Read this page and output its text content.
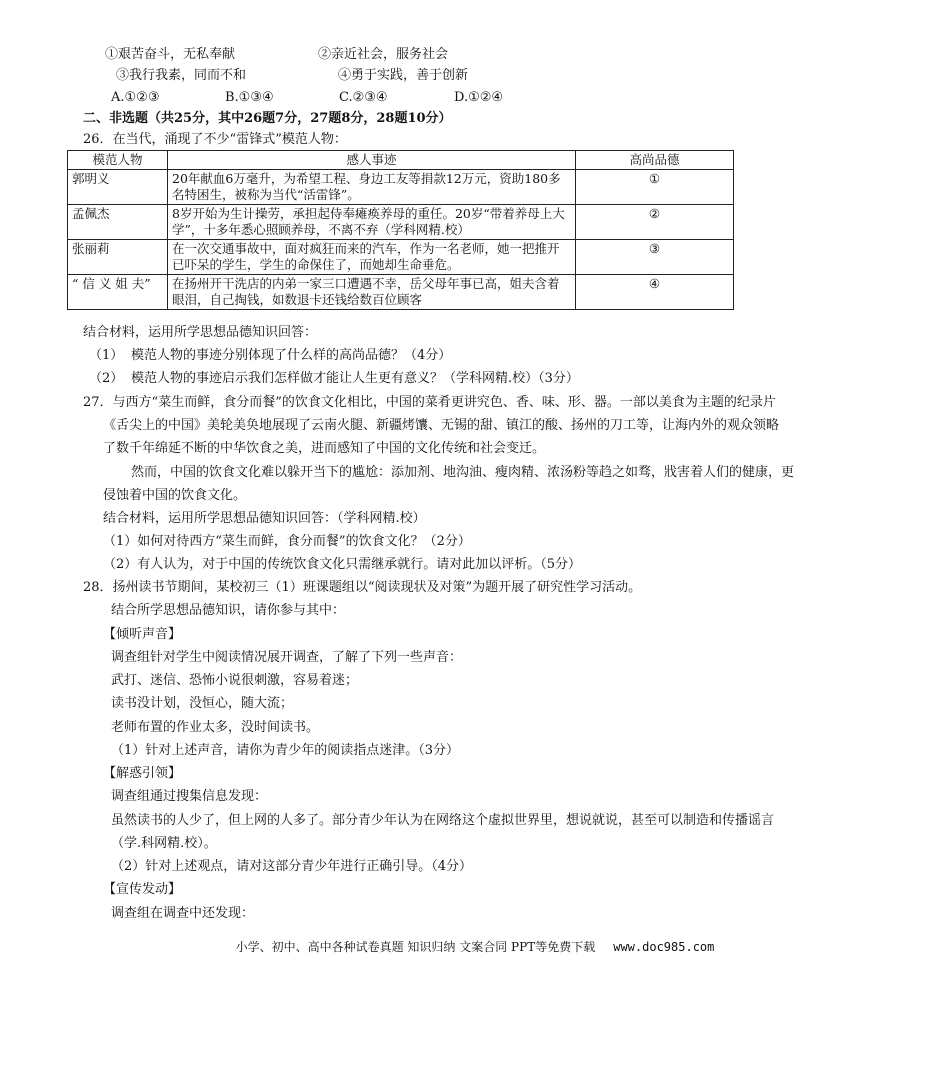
①艰苦奋斗，无私奉献	②亲近社会，服务社会
③我行我素，同而不和	④勇于实践，善于创新
A.①②③	B.①③④	C.②③④	D.①②④
二、非选题（共25分，其中26题7分，27题8分，28题10分）
26．在当代，涌现了不少“雷锋式”模范人物：
模范人物	感人事迹	高尚品德
郭明义	20年献血6万毫升，为希望工程、身边工友等捐款12万元，资助180多名特困生，被称为当代“活雷锋”。	①
孟佩杰	8岁开始为生计操劳，承担起侍奉瘫痪养母的重任。20岁“带着养母上大学”，十多年悉心照顾养母，不离不弃（学科网精.校）	②
张丽莉	在一次交通事故中，面对疯狂而来的汽车，作为一名老师，她一把推开已吓呆的学生，学生的命保住了，而她却生命垂危。	③
“ 信 义 姐 夫”	在扬州开干洗店的内弟一家三口遭遇不幸，岳父母年事已高，姐夫含着眼泪，自己掏钱，如数退卡还钱给数百位顾客	④
结合材料，运用所学思想品德知识回答：
（1） 模范人物的事迹分别体现了什么样的高尚品德？（4分）
（2） 模范人物的事迹启示我们怎样做才能让人生更有意义？（学科网精.校）（3分）
27．与西方“菜生而鲜，食分而餐”的饮食文化相比，中国的菜肴更讲究色、香、味、形、器。一部以美食为主题的纪录片
《舌尖上的中国》美轮美奂地展现了云南火腿、新疆烤馕、无锡的甜、镇江的酸、扬州的刀工等，让海内外的观众领略
了数千年绵延不断的中华饮食之美，进而感知了中国的文化传统和社会变迁。
然而，中国的饮食文化难以躲开当下的尴尬：添加剂、地沟油、瘦肉精、浓汤粉等趋之如骛，戕害着人们的健康，更
侵蚀着中国的饮食文化。
结合材料，运用所学思想品德知识回答：（学科网精.校）
（1）如何对待西方“菜生而鲜，食分而餐”的饮食文化？（2分）
（2）有人认为，对于中国的传统饮食文化只需继承就行。请对此加以评析。（5分）
28．扬州读书节期间，某校初三（1）班课题组以“阅读现状及对策”为题开展了研究性学习活动。
结合所学思想品德知识，请你参与其中：
【倾听声音】
调查组针对学生中阅读情况展开调查，了解了下列一些声音：
武打、迷信、恐怖小说很刺激，容易着迷；
读书没计划，没恒心，随大流；
老师布置的作业太多，没时间读书。
（1）针对上述声音，请你为青少年的阅读指点迷津。（3分）
【解惑引领】
调查组通过搜集信息发现：
虽然读书的人少了，但上网的人多了。部分青少年认为在网络这个虚拟世界里，想说就说，甚至可以制造和传播谣言
（学.科网精.校）。
（2）针对上述观点，请对这部分青少年进行正确引导。（4分）
【宣传发动】
调查组在调查中还发现：
小学、初中、高中各种试卷真题 知识归纳 文案合同 PPT等免费下载 www.doc985.com
